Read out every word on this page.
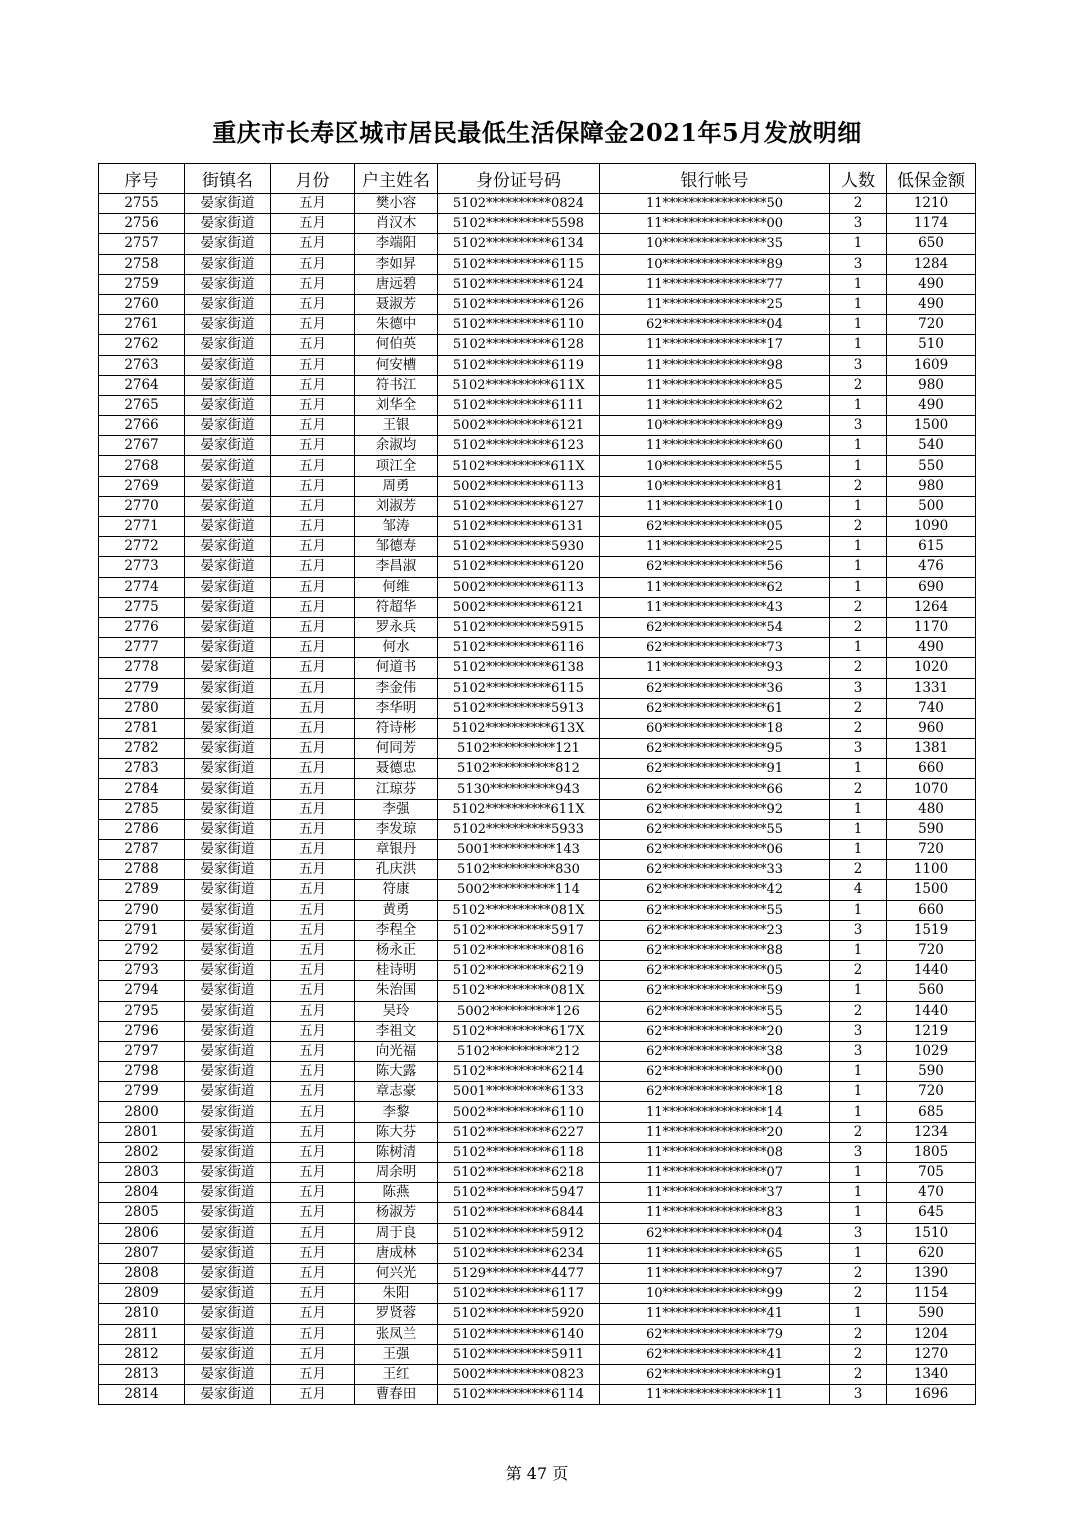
重庆市长寿区城市居民最低生活保障金2021年5月发放明细
序号	街镇名	月份	户主姓名	身份证号码	银行帐号	人数	低保金额
2755	晏家街道	五月	樊小容	5102**********0824	11****************50	2	1210
2756	晏家街道	五月	肖汉木	5102**********5598	11****************00	3	1174
2757	晏家街道	五月	李端阳	5102**********6134	10****************35	1	650
2758	晏家街道	五月	李如昇	5102**********6115	10****************89	3	1284
2759	晏家街道	五月	唐远碧	5102**********6124	11****************77	1	490
2760	晏家街道	五月	聂淑芳	5102**********6126	11****************25	1	490
2761	晏家街道	五月	朱德中	5102**********6110	62****************04	1	720
2762	晏家街道	五月	何伯英	5102**********6128	11****************17	1	510
2763	晏家街道	五月	何安槽	5102**********6119	11****************98	3	1609
2764	晏家街道	五月	符书江	5102**********611X	11****************85	2	980
2765	晏家街道	五月	刘华全	5102**********6111	11****************62	1	490
2766	晏家街道	五月	王银	5002**********6121	10****************89	3	1500
2767	晏家街道	五月	余淑均	5102**********6123	11****************60	1	540
2768	晏家街道	五月	项江全	5102**********611X	10****************55	1	550
2769	晏家街道	五月	周勇	5002**********6113	10****************81	2	980
2770	晏家街道	五月	刘淑芳	5102**********6127	11****************10	1	500
2771	晏家街道	五月	邹涛	5102**********6131	62****************05	2	1090
2772	晏家街道	五月	邹德寿	5102**********5930	11****************25	1	615
2773	晏家街道	五月	李昌淑	5102**********6120	62****************56	1	476
2774	晏家街道	五月	何维	5002**********6113	11****************62	1	690
2775	晏家街道	五月	符超华	5002**********6121	11****************43	2	1264
2776	晏家街道	五月	罗永兵	5102**********5915	62****************54	2	1170
2777	晏家街道	五月	何水	5102**********6116	62****************73	1	490
2778	晏家街道	五月	何道书	5102**********6138	11****************93	2	1020
2779	晏家街道	五月	李金伟	5102**********6115	62****************36	3	1331
2780	晏家街道	五月	李华明	5102**********5913	62****************61	2	740
2781	晏家街道	五月	符诗彬	5102**********613X	60****************18	2	960
2782	晏家街道	五月	何同芳	5102**********121	62****************95	3	1381
2783	晏家街道	五月	聂德忠	5102**********812	62****************91	1	660
2784	晏家街道	五月	江琼芬	5130**********943	62****************66	2	1070
2785	晏家街道	五月	李强	5102**********611X	62****************92	1	480
2786	晏家街道	五月	李发琼	5102**********5933	62****************55	1	590
2787	晏家街道	五月	章银丹	5001**********143	62****************06	1	720
2788	晏家街道	五月	孔庆洪	5102**********830	62****************33	2	1100
2789	晏家街道	五月	符康	5002**********114	62****************42	4	1500
2790	晏家街道	五月	黄勇	5102**********081X	62****************55	1	660
2791	晏家街道	五月	李程全	5102**********5917	62****************23	3	1519
2792	晏家街道	五月	杨永正	5102**********0816	62****************88	1	720
2793	晏家街道	五月	桂诗明	5102**********6219	62****************05	2	1440
2794	晏家街道	五月	朱治国	5102**********081X	62****************59	1	560
2795	晏家街道	五月	吴玲	5002**********126	62****************55	2	1440
2796	晏家街道	五月	李祖文	5102**********617X	62****************20	3	1219
2797	晏家街道	五月	向光福	5102**********212	62****************38	3	1029
2798	晏家街道	五月	陈大露	5102**********6214	62****************00	1	590
2799	晏家街道	五月	章志豪	5001**********6133	62****************18	1	720
2800	晏家街道	五月	李黎	5002**********6110	11****************14	1	685
2801	晏家街道	五月	陈大芬	5102**********6227	11****************20	2	1234
2802	晏家街道	五月	陈树清	5102**********6118	11****************08	3	1805
2803	晏家街道	五月	周余明	5102**********6218	11****************07	1	705
2804	晏家街道	五月	陈燕	5102**********5947	11****************37	1	470
2805	晏家街道	五月	杨淑芳	5102**********6844	11****************83	1	645
2806	晏家街道	五月	周于良	5102**********5912	62****************04	3	1510
2807	晏家街道	五月	唐成林	5102**********6234	11****************65	1	620
2808	晏家街道	五月	何兴光	5129**********4477	11****************97	2	1390
2809	晏家街道	五月	朱阳	5102**********6117	10****************99	2	1154
2810	晏家街道	五月	罗贤蓉	5102**********5920	11****************41	1	590
2811	晏家街道	五月	张凤兰	5102**********6140	62****************79	2	1204
2812	晏家街道	五月	王强	5102**********5911	62****************41	2	1270
2813	晏家街道	五月	王红	5002**********0823	62****************91	2	1340
2814	晏家街道	五月	曹春田	5102**********6114	11****************11	3	1696
第 47 页
